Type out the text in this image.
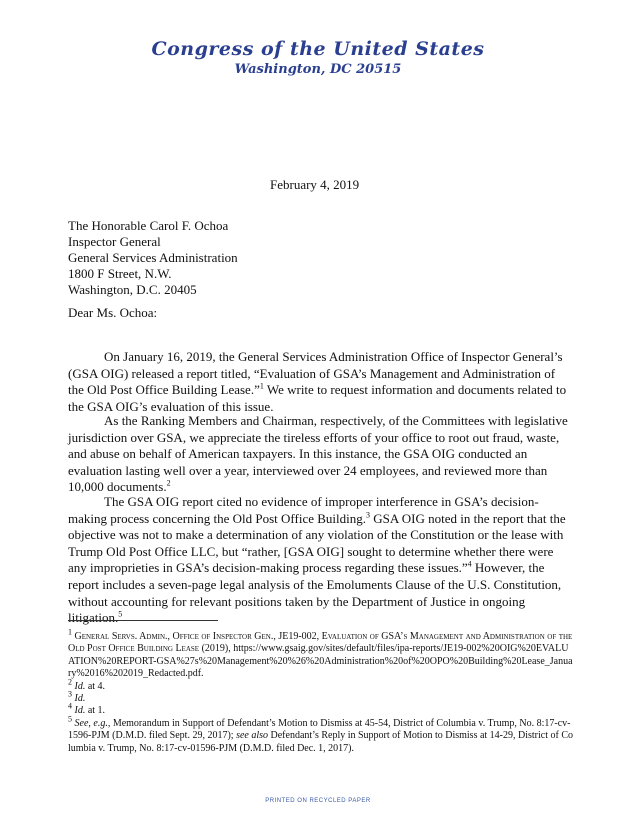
Congress of the United States
Washington, DC 20515
February 4, 2019
The Honorable Carol F. Ochoa
Inspector General
General Services Administration
1800 F Street, N.W.
Washington, D.C. 20405
Dear Ms. Ochoa:

On January 16, 2019, the General Services Administration Office of Inspector General’s (GSA OIG) released a report titled, “Evaluation of GSA’s Management and Administration of the Old Post Office Building Lease.”$^1$ We write to request information and documents related to the GSA OIG’s evaluation of this issue.

As the Ranking Members and Chairman, respectively, of the Committees with legislative jurisdiction over GSA, we appreciate the tireless efforts of your office to root out fraud, waste, and abuse on behalf of American taxpayers. In this instance, the GSA OIG conducted an evaluation lasting well over a year, interviewed over 24 employees, and reviewed more than 10,000 documents.$^2$

The GSA OIG report cited no evidence of improper interference in GSA’s decision-making process concerning the Old Post Office Building.$^3$ GSA OIG noted in the report that the objective was not to make a determination of any violation of the Constitution or the lease with Trump Old Post Office LLC, but “rather, [GSA OIG] sought to determine whether there were any improprieties in GSA’s decision-making process regarding these issues.”$^4$ However, the report includes a seven-page legal analysis of the Emoluments Clause of the U.S. Constitution, without accounting for relevant positions taken by the Department of Justice in ongoing litigation.$^5$

$^1$ General Servs. Admin., Office of Inspector Gen., JE19-002, Evaluation of GSA’s Management and Administration of the Old Post Office Building Lease (2019), https://www.gsaig.gov/sites/default/files/ipa-reports/JE19-002%20OIG%20EVALUATION%20REPORT-GSA%27s%20Management%20%26%20Administration%20of%20OPO%20Building%20Lease_January%2016%202019_Redacted.pdf.

$^2$ Id. at 4.

$^3$ Id.

$^4$ Id. at 1.

$^5$ See, e.g., Memorandum in Support of Defendant’s Motion to Dismiss at 45-54, District of Columbia v. Trump, No. 8:17-cv-1596-PJM (D.M.D. filed Sept. 29, 2017); see also Defendant’s Reply in Support of Motion to Dismiss at 14-29, District of Columbia v. Trump, No. 8:17-cv-01596-PJM (D.M.D. filed Dec. 1, 2017).

PRINTED ON RECYCLED PAPER
